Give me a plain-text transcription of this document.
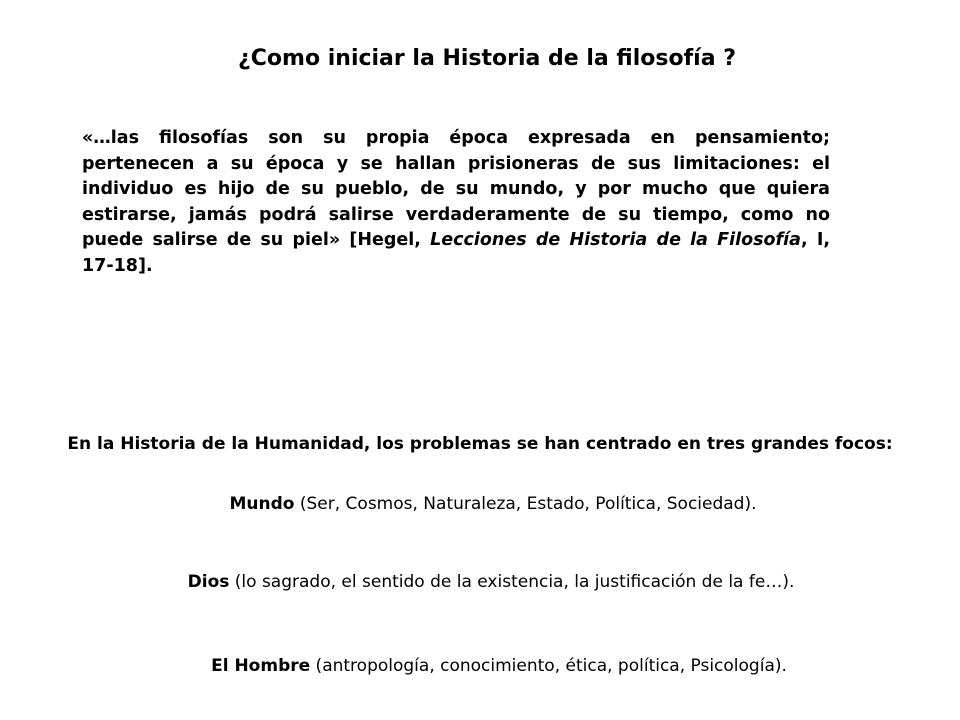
¿Como iniciar la Historia de la filosofía ?

«…las filosofías son su propia época expresada en pensamiento; pertenecen a su época y se hallan prisioneras de sus limitaciones: el individuo es hijo de su pueblo, de su mundo, y por mucho que quiera estirarse, jamás podrá salirse verdaderamente de su tiempo, como no puede salirse de su piel» [Hegel, Lecciones de Historia de la Filosofía, I, 17-18].

En la Historia de la Humanidad, los problemas se han centrado en tres grandes focos:
Mundo (Ser, Cosmos, Naturaleza, Estado, Política, Sociedad).
Dios (lo sagrado, el sentido de la existencia, la justificación de la fe…).
El Hombre (antropología, conocimiento, ética, política, Psicología).
